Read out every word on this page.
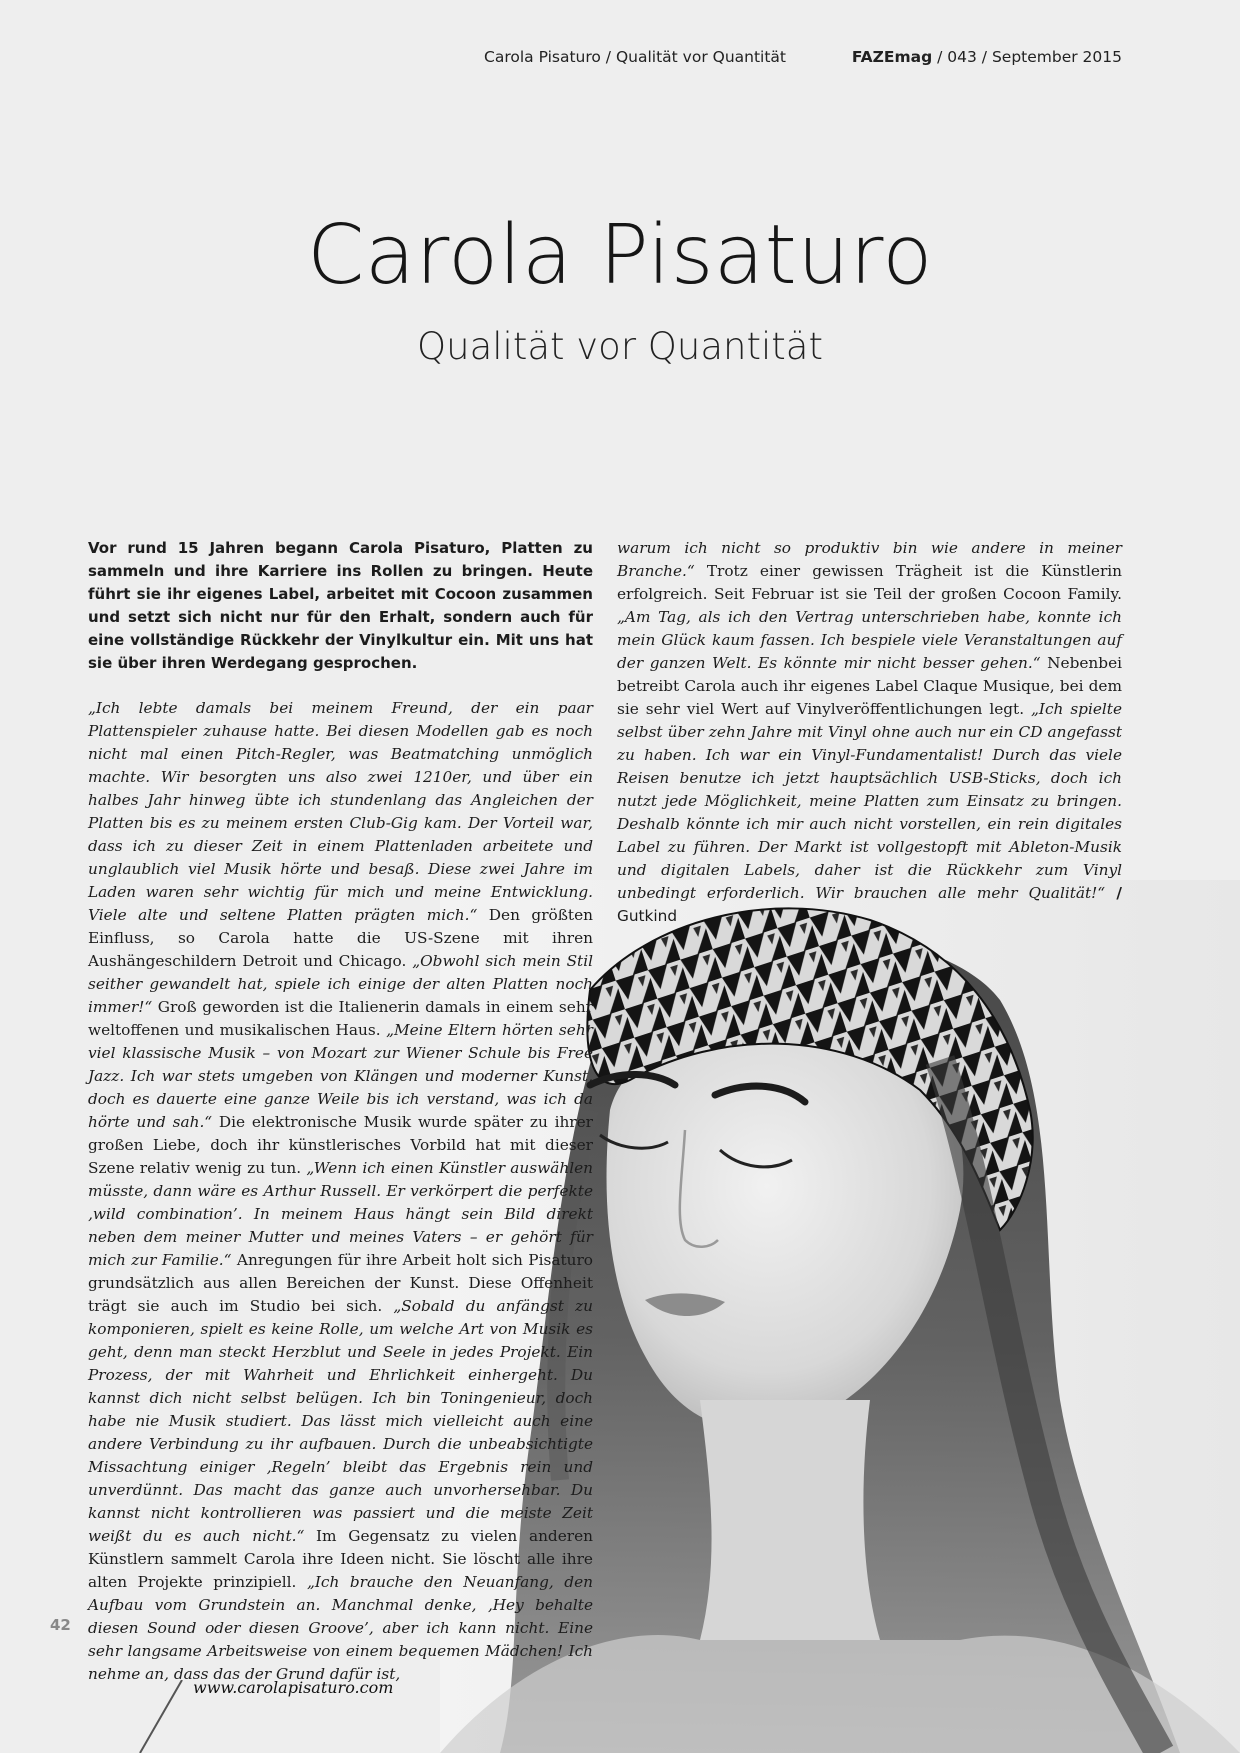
Carola Pisaturo / Qualität vor Quantität	FAZEmag / 043 / September 2015
Carola Pisaturo
Qualität vor Quantität

Vor rund 15 Jahren begann Carola Pisaturo, Platten zu sammeln und ihre Karriere ins Rollen zu bringen. Heute führt sie ihr eigenes Label, arbeitet mit Cocoon zusammen und setzt sich nicht nur für den Erhalt, sondern auch für eine vollständige Rückkehr der Vinylkultur ein. Mit uns hat sie über ihren Werdegang gesprochen.

„Ich lebte damals bei meinem Freund, der ein paar Plattenspieler zuhause hatte. Bei diesen Modellen gab es noch nicht mal einen Pitch-Regler, was Beatmatching unmöglich machte. Wir besorgten uns also zwei 1210er, und über ein halbes Jahr hinweg übte ich stundenlang das Angleichen der Platten bis es zu meinem ersten Club-Gig kam. Der Vorteil war, dass ich zu dieser Zeit in einem Plattenladen arbeitete und unglaublich viel Musik hörte und besaß. Diese zwei Jahre im Laden waren sehr wichtig für mich und meine Entwicklung. Viele alte und seltene Platten prägten mich.“ Den größten Einfluss, so Carola hatte die US-Szene mit ihren Aushängeschildern Detroit und Chicago. „Obwohl sich mein Stil seither gewandelt hat, spiele ich einige der alten Platten noch immer!“ Groß geworden ist die Italienerin damals in einem sehr weltoffenen und musikalischen Haus. „Meine Eltern hörten sehr viel klassische Musik – von Mozart zur Wiener Schule bis Free Jazz. Ich war stets umgeben von Klängen und moderner Kunst, doch es dauerte eine ganze Weile bis ich verstand, was ich da hörte und sah.“ Die elektronische Musik wurde später zu ihrer großen Liebe, doch ihr künstlerisches Vorbild hat mit dieser Szene relativ wenig zu tun. „Wenn ich einen Künstler auswählen müsste, dann wäre es Arthur Russell. Er verkörpert die perfekte ‚wild combination’. In meinem Haus hängt sein Bild direkt neben dem meiner Mutter und meines Vaters – er gehört für mich zur Familie.“ Anregungen für ihre Arbeit holt sich Pisaturo grundsätzlich aus allen Bereichen der Kunst. Diese Offenheit trägt sie auch im Studio bei sich. „Sobald du anfängst zu komponieren, spielt es keine Rolle, um welche Art von Musik es geht, denn man steckt Herzblut und Seele in jedes Projekt. Ein Prozess, der mit Wahrheit und Ehrlichkeit einhergeht. Du kannst dich nicht selbst belügen. Ich bin Toningenieur, doch habe nie Musik studiert. Das lässt mich vielleicht auch eine andere Verbindung zu ihr aufbauen. Durch die unbeabsichtigte Missachtung einiger ‚Regeln’ bleibt das Ergebnis rein und unverdünnt. Das macht das ganze auch unvorhersehbar. Du kannst nicht kontrollieren was passiert und die meiste Zeit weißt du es auch nicht.“ Im Gegensatz zu vielen anderen Künstlern sammelt Carola ihre Ideen nicht. Sie löscht alle ihre alten Projekte prinzipiell. „Ich brauche den Neuanfang, den Aufbau vom Grundstein an. Manchmal denke, ‚Hey behalte diesen Sound oder diesen Groove’, aber ich kann nicht. Eine sehr langsame Arbeitsweise von einem bequemen Mädchen! Ich nehme an, dass das der Grund dafür ist,

warum ich nicht so produktiv bin wie andere in meiner Branche.“ Trotz einer gewissen Trägheit ist die Künstlerin erfolgreich. Seit Februar ist sie Teil der großen Cocoon Family. „Am Tag, als ich den Vertrag unterschrieben habe, konnte ich mein Glück kaum fassen. Ich bespiele viele Veranstaltungen auf der ganzen Welt. Es könnte mir nicht besser gehen.“ Nebenbei betreibt Carola auch ihr eigenes Label Claque Musique, bei dem sie sehr viel Wert auf Vinylveröffentlichungen legt. „Ich spielte selbst über zehn Jahre mit Vinyl ohne auch nur ein CD angefasst zu haben. Ich war ein Vinyl-Fundamentalist! Durch das viele Reisen benutze ich jetzt hauptsächlich USB-Sticks, doch ich nutzt jede Möglichkeit, meine Platten zum Einsatz zu bringen. Deshalb könnte ich mir auch nicht vorstellen, ein rein digitales Label zu führen. Der Markt ist vollgestopft mit Ableton-Musik und digitalen Labels, daher ist die Rückkehr zum Vinyl unbedingt erforderlich. Wir brauchen alle mehr Qualität!“ / Gutkind

42
www.carolapisaturo.com
